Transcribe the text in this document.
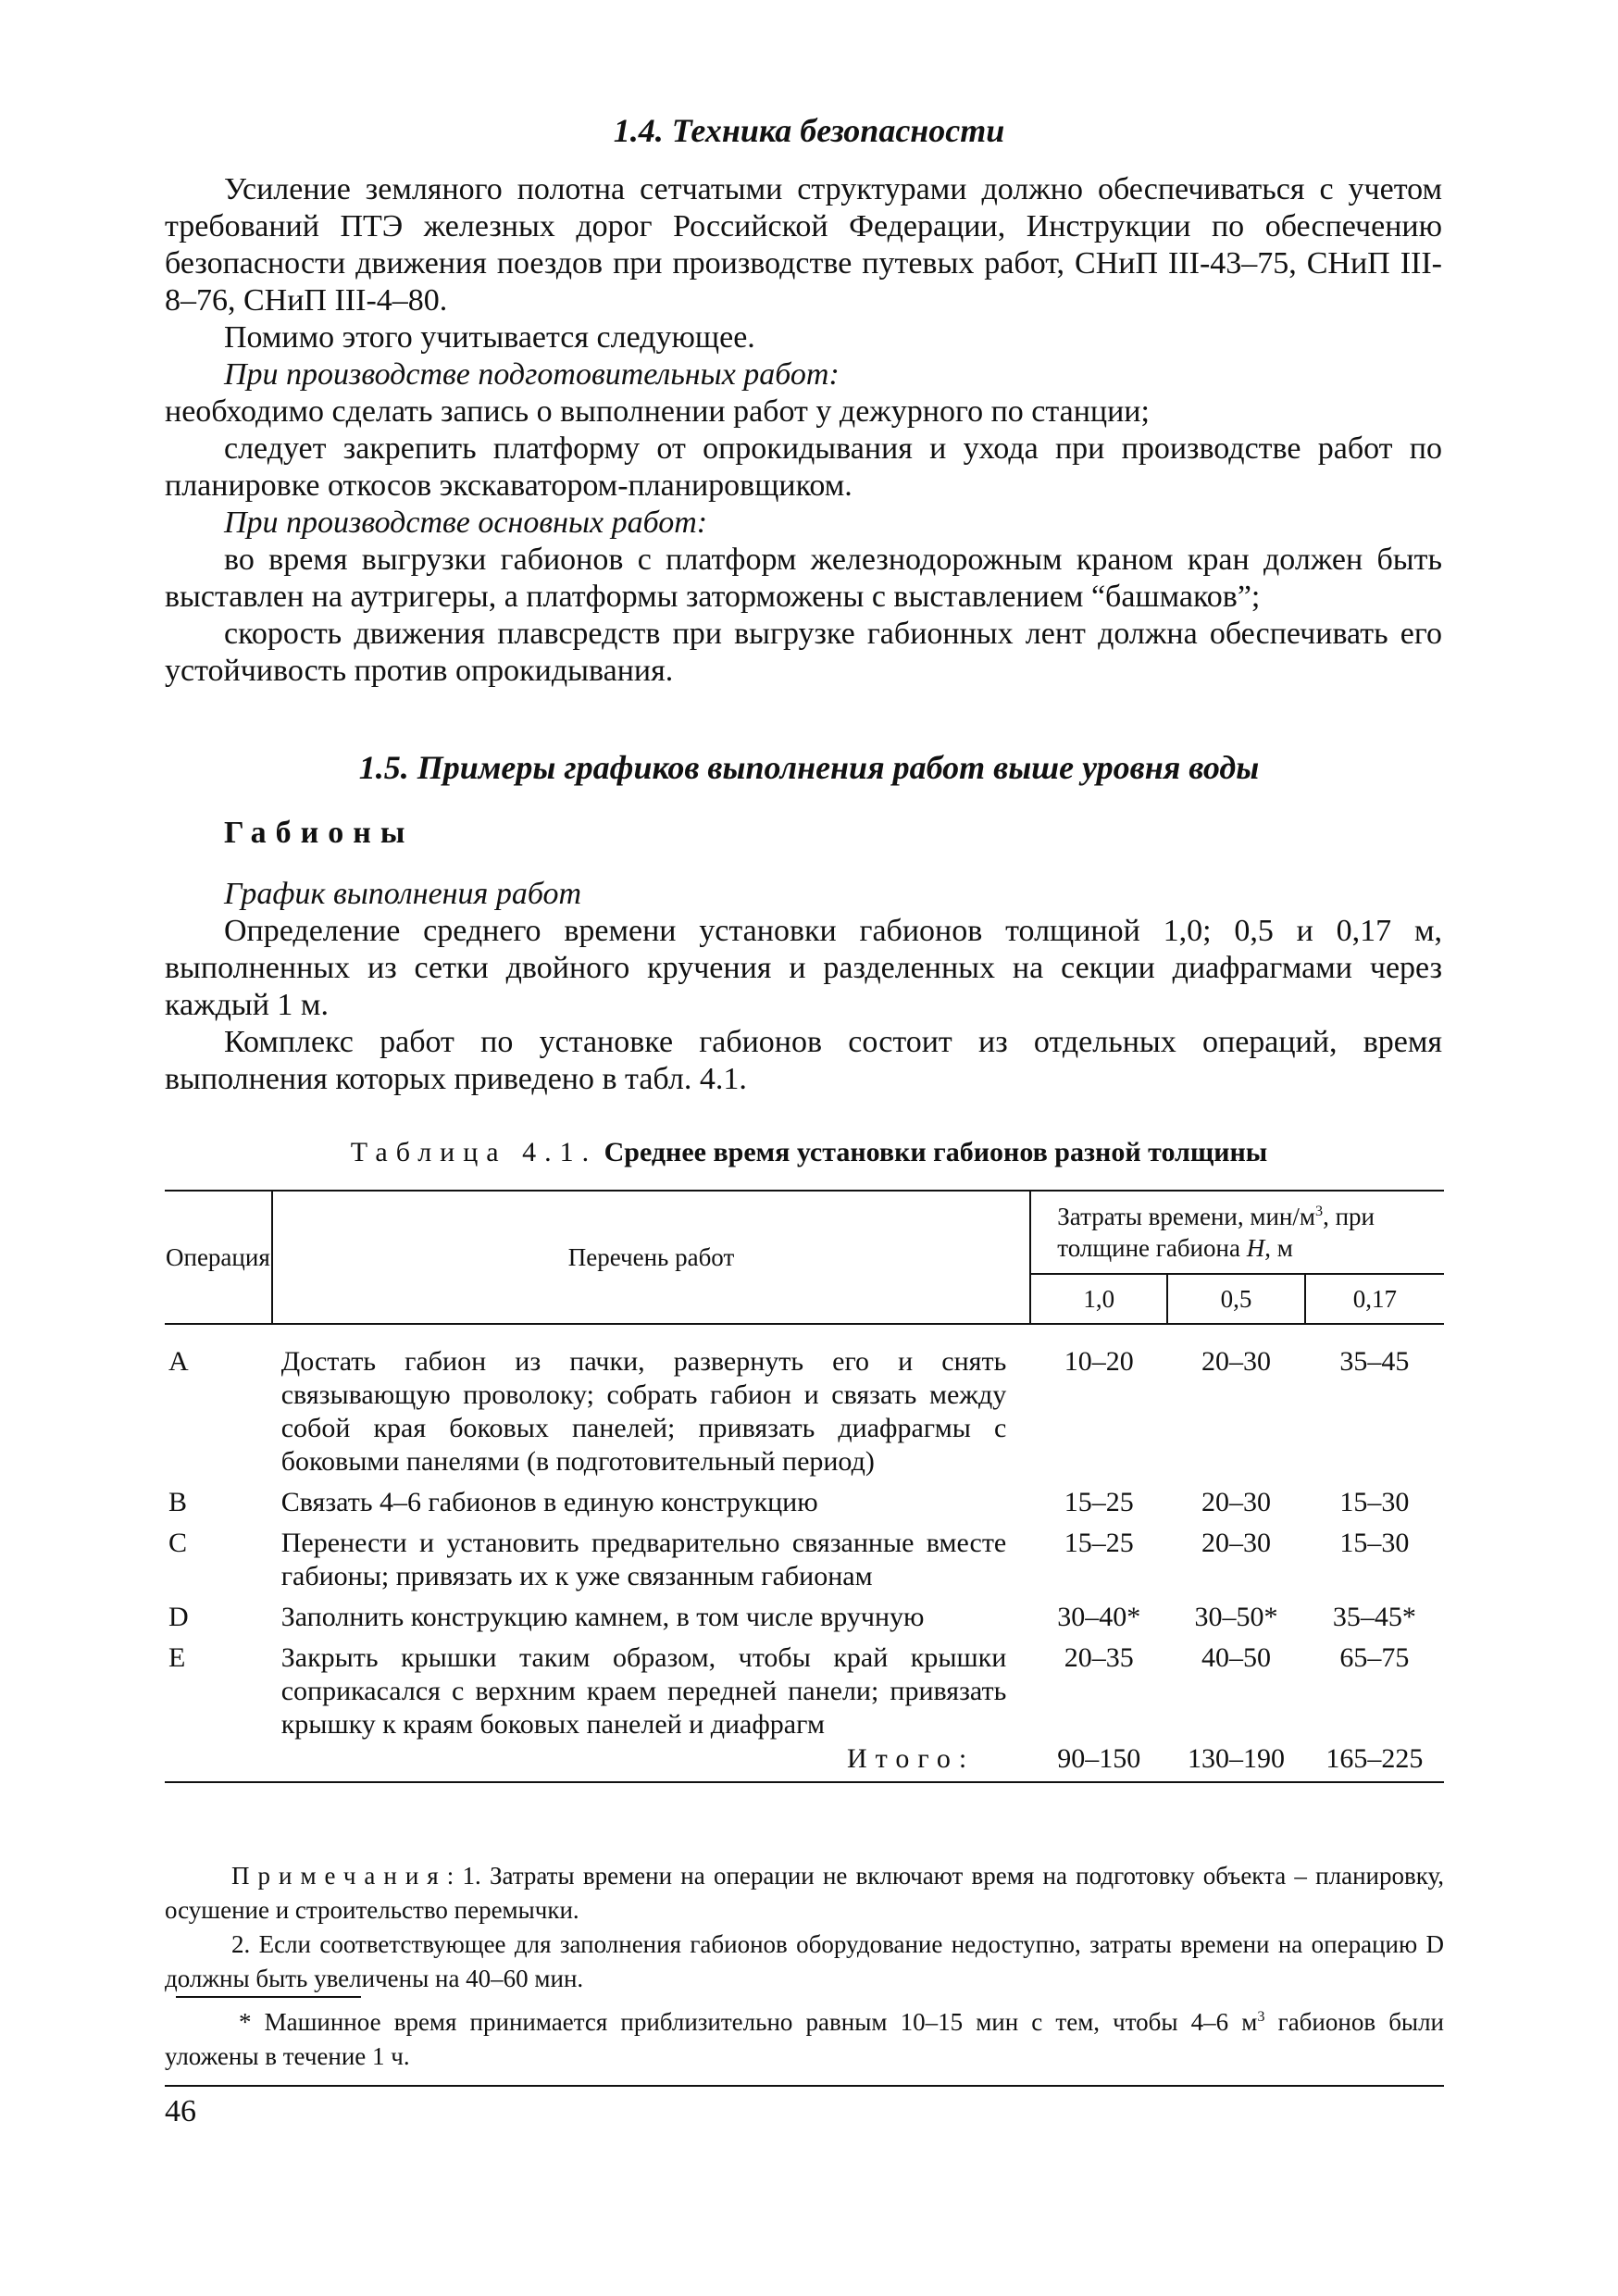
1.4. Техника безопасности

Усиление земляного полотна сетчатыми структурами должно обеспечиваться с учетом требований ПТЭ железных дорог Российской Федерации, Инструкции по обеспечению безопасности движения поездов при производстве путевых работ, СНиП III-43–75, СНиП III-8–76, СНиП III-4–80.

Помимо этого учитывается следующее.

При производстве подготовительных работ:

необходимо сделать запись о выполнении работ у дежурного по станции;

следует закрепить платформу от опрокидывания и ухода при производстве работ по планировке откосов экскаватором-планировщиком.

При производстве основных работ:

во время выгрузки габионов с платформ железнодорожным краном кран должен быть выставлен на аутригеры, а платформы заторможены с выставлением “башмаков”;

скорость движения плавсредств при выгрузке габионных лент должна обеспечивать его устойчивость против опрокидывания.

1.5. Примеры графиков выполнения работ выше уровня воды

Габионы

График выполнения работ

Определение среднего времени установки габионов толщиной 1,0; 0,5 и 0,17 м, выполненных из сетки двойного кручения и разделенных на секции диафрагмами через каждый 1 м.

Комплекс работ по установке габионов состоит из отдельных операций, время выполнения которых приведено в табл. 4.1.

Таблица 4.1. Среднее время установки габионов разной толщины
Операция	Перечень работ	Затраты времени, мин/$м^3$, при толщине габиона H, м		
		1,0	0,5	0,17
A	Достать габион из пачки, развернуть его и снять связывающую проволоку; собрать габион и связать между собой края боковых панелей; привязать диафрагмы с боковыми панелями (в подготовительный период)	10–20	20–30	35–45
B	Связать 4–6 габионов в единую конструкцию	15–25	20–30	15–30
C	Перенести и установить предварительно связанные вместе габионы; привязать их к уже связанным габионам	15–25	20–30	15–30
D	Заполнить конструкцию камнем, в том числе вручную	30–40*	30–50*	35–45*
E	Закрыть крышки таким образом, чтобы край крышки соприкасался с верхним краем передней панели; привязать крышку к краям боковых панелей и диафрагм	20–35	40–50	65–75
	Итого:	90–150	130–190	165–225

Примечания: 1. Затраты времени на операции не включают время на подготовку объекта – планировку, осушение и строительство перемычки.

2. Если соответствующее для заполнения габионов оборудование недоступно, затраты времени на операцию D должны быть увеличены на 40–60 мин.

* Машинное время принимается приблизительно равным 10–15 мин с тем, чтобы 4–6 $м^3$ габионов были уложены в течение 1 ч.

46
